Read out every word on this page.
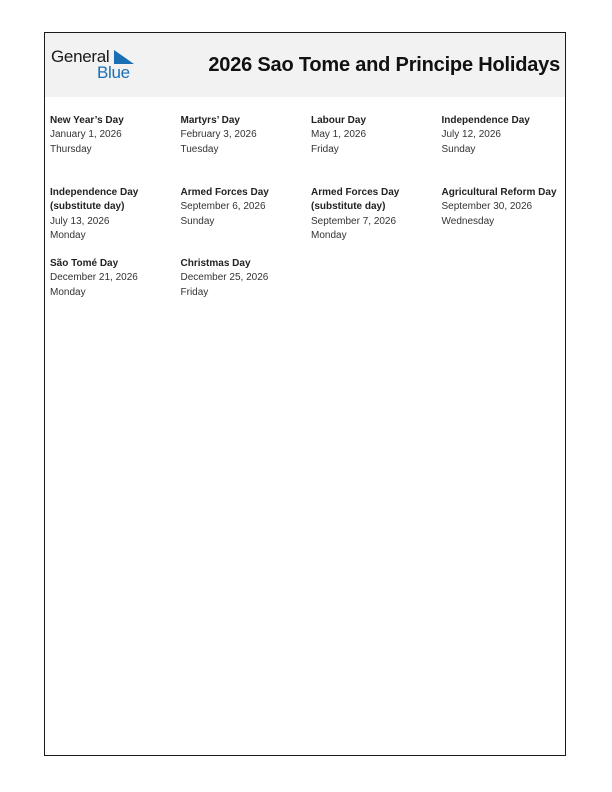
General
Blue	2026 Sao Tome and Principe Holidays
New Year’s Day
January 1, 2026
Thursday
Martyrs’ Day
February 3, 2026
Tuesday
Labour Day
May 1, 2026
Friday
Independence Day
July 12, 2026
Sunday
Independence Day
(substitute day)
July 13, 2026
Monday
Armed Forces Day
September 6, 2026
Sunday
Armed Forces Day
(substitute day)
September 7, 2026
Monday
Agricultural Reform Day
September 30, 2026
Wednesday
São Tomé Day
December 21, 2026
Monday
Christmas Day
December 25, 2026
Friday
